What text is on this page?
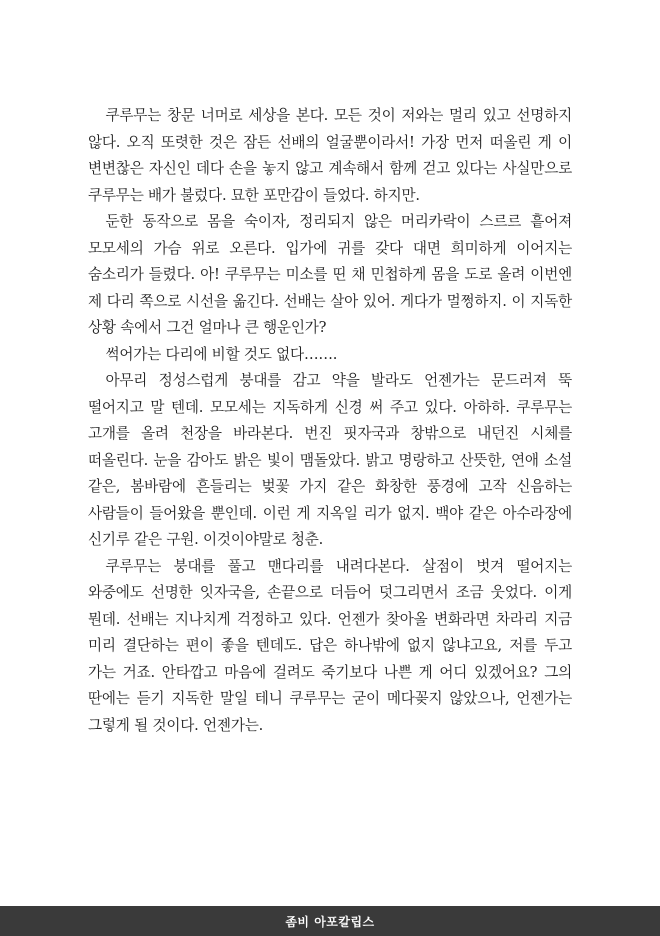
쿠루무는 창문 너머로 세상을 본다. 모든 것이 저와는 멀리 있고 선명하지 않다. 오직 또렷한 것은 잠든 선배의 얼굴뿐이라서! 가장 먼저 떠올린 게 이 변변찮은 자신인 데다 손을 놓지 않고 계속해서 함께 걷고 있다는 사실만으로 쿠루무는 배가 불렀다. 묘한 포만감이 들었다. 하지만.

둔한 동작으로 몸을 숙이자, 정리되지 않은 머리카락이 스르르 흩어져 모모세의 가슴 위로 오른다. 입가에 귀를 갖다 대면 희미하게 이어지는 숨소리가 들렸다. 아! 쿠루무는 미소를 띤 채 민첩하게 몸을 도로 올려 이번엔 제 다리 쪽으로 시선을 옮긴다. 선배는 살아 있어. 게다가 멀쩡하지. 이 지독한 상황 속에서 그건 얼마나 큰 행운인가?

썩어가는 다리에 비할 것도 없다…….

아무리 정성스럽게 붕대를 감고 약을 발라도 언젠가는 문드러져 뚝 떨어지고 말 텐데. 모모세는 지독하게 신경 써 주고 있다. 아하하. 쿠루무는 고개를 올려 천장을 바라본다. 번진 핏자국과 창밖으로 내던진 시체를 떠올린다. 눈을 감아도 밝은 빛이 맴돌았다. 밝고 명랑하고 산뜻한, 연애 소설 같은, 봄바람에 흔들리는 벚꽃 가지 같은 화창한 풍경에 고작 신음하는 사람들이 들어왔을 뿐인데. 이런 게 지옥일 리가 없지. 백야 같은 아수라장에 신기루 같은 구원. 이것이야말로 청춘.

쿠루무는 붕대를 풀고 맨다리를 내려다본다. 살점이 벗겨 떨어지는 와중에도 선명한 잇자국을, 손끝으로 더듬어 덧그리면서 조금 웃었다. 이게 뭔데. 선배는 지나치게 걱정하고 있다. 언젠가 찾아올 변화라면 차라리 지금 미리 결단하는 편이 좋을 텐데도. 답은 하나밖에 없지 않냐고요, 저를 두고 가는 거죠. 안타깝고 마음에 걸려도 죽기보다 나쁜 게 어디 있겠어요? 그의 딴에는 듣기 지독한 말일 테니 쿠루무는 굳이 메다꽂지 않았으나, 언젠가는 그렇게 될 것이다. 언젠가는.

좀비 아포칼립스
